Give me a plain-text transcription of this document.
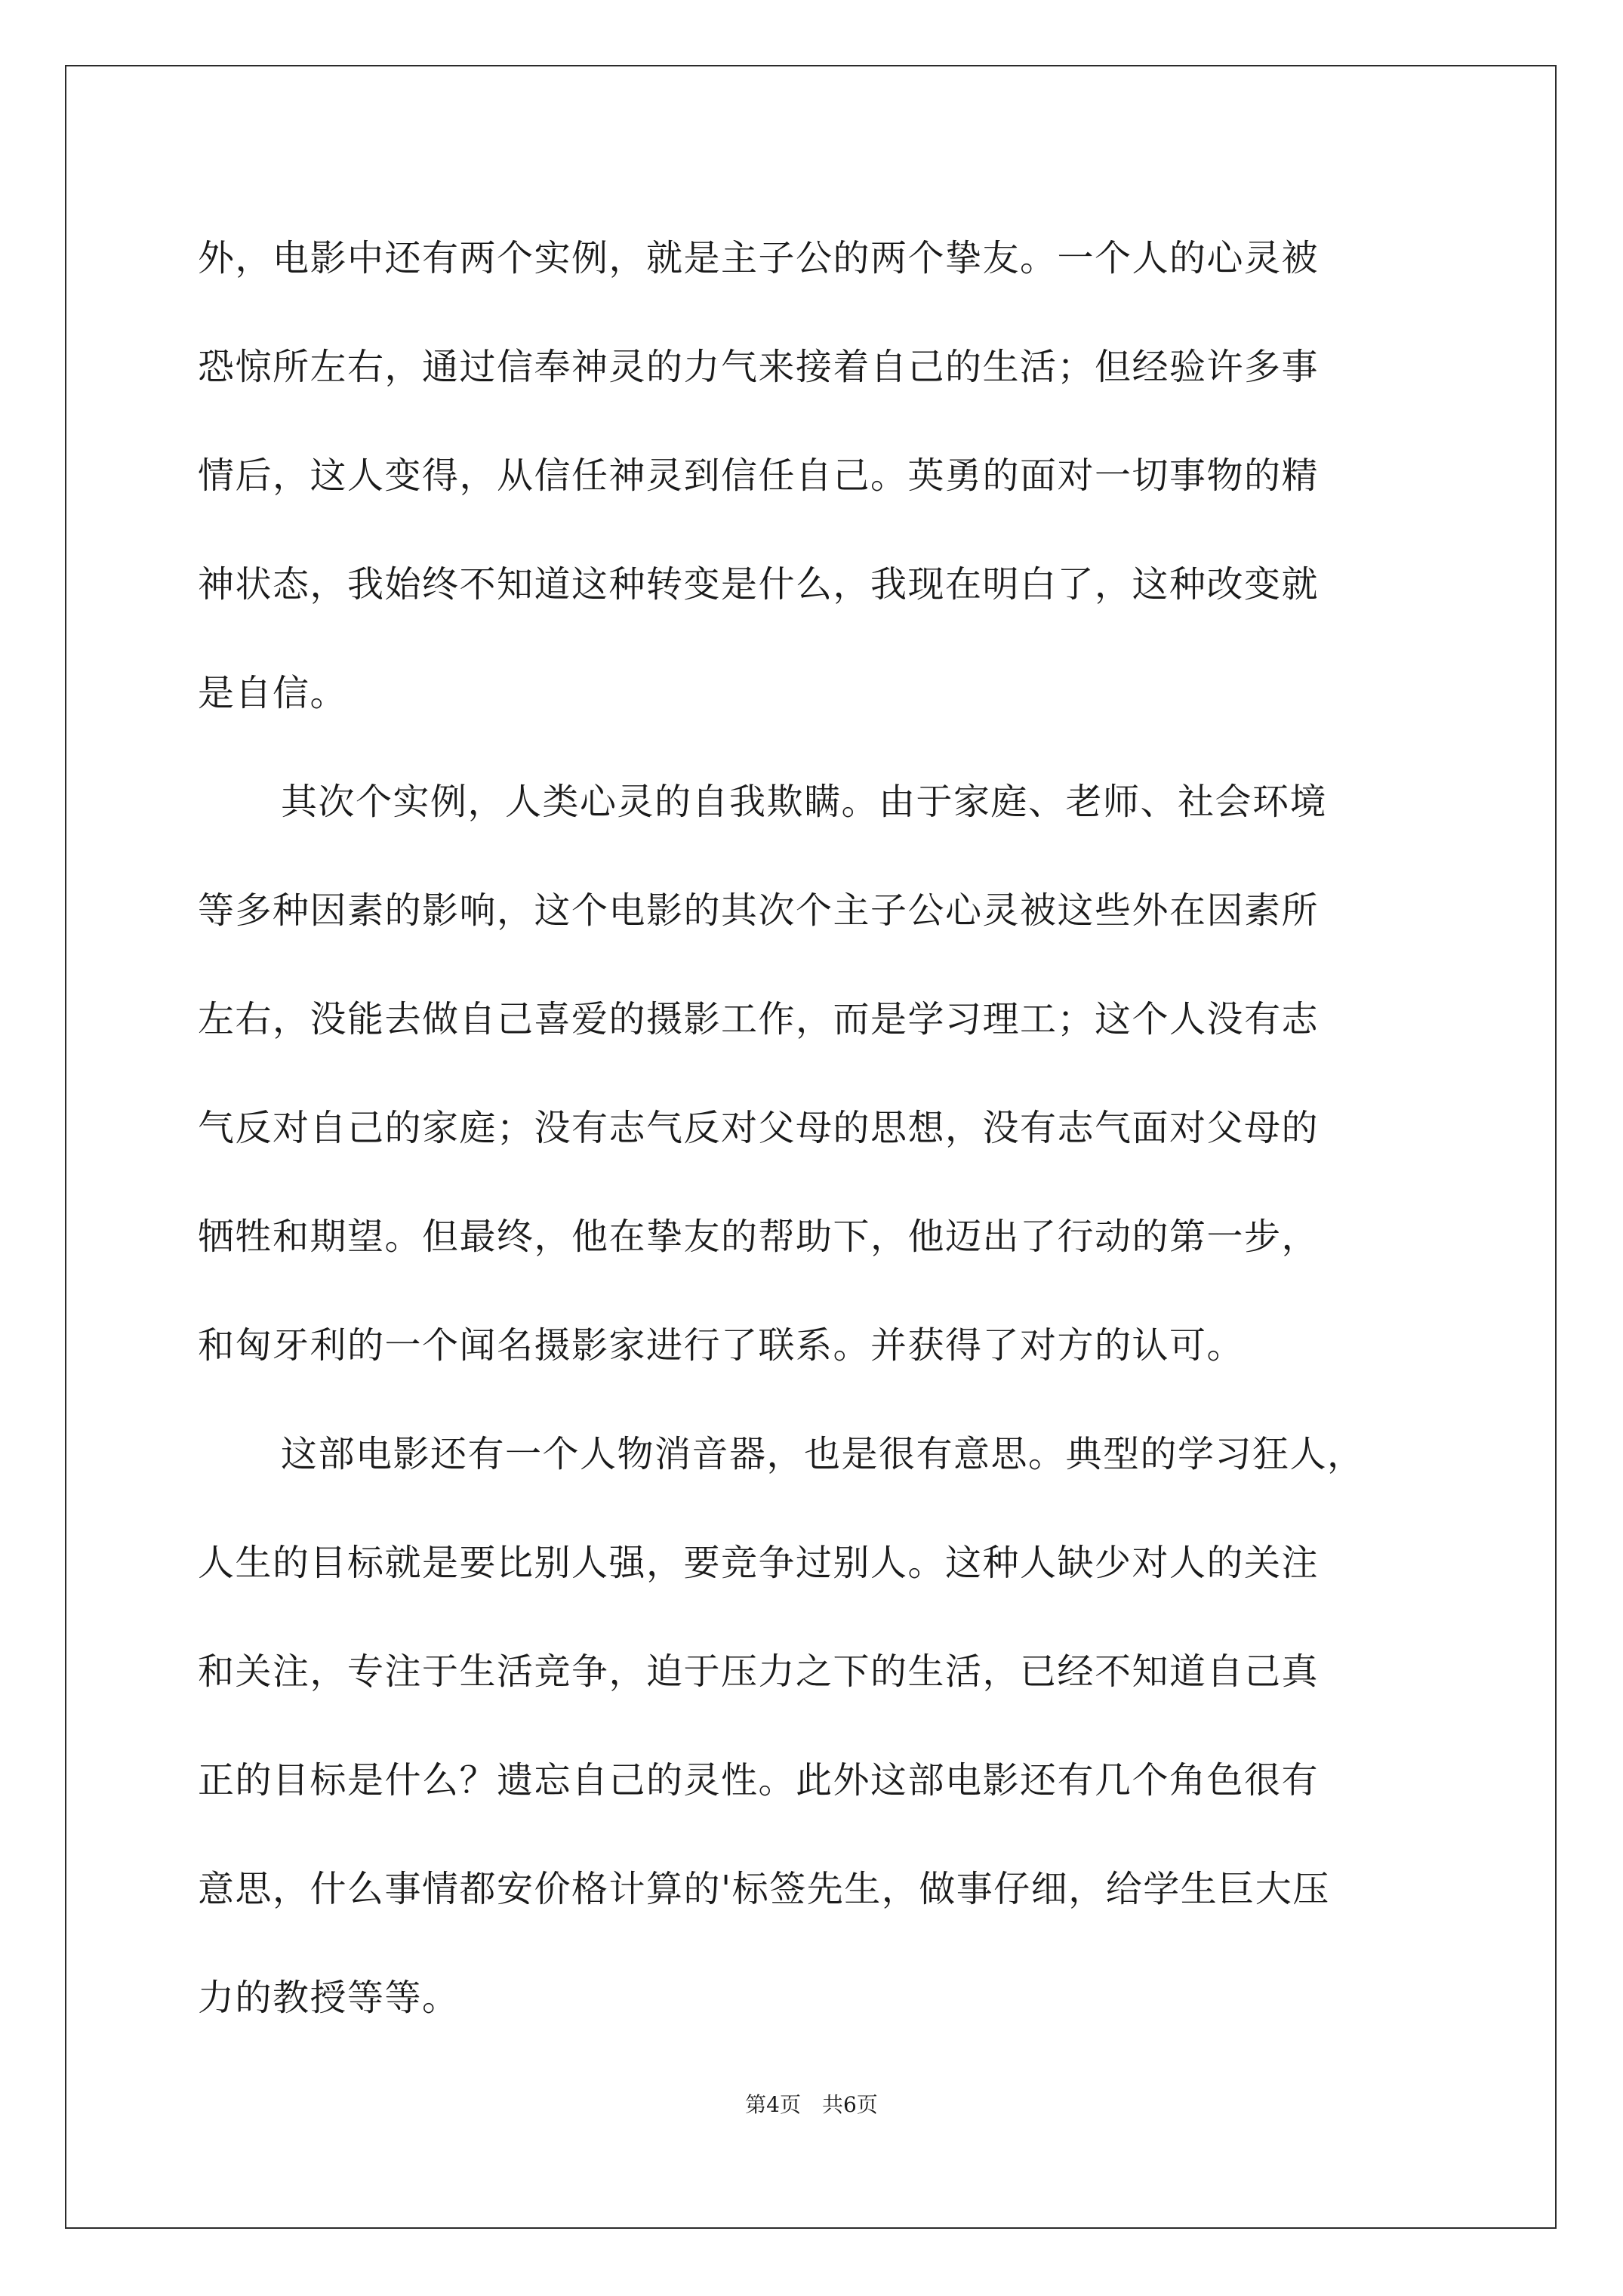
外，电影中还有两个实例，就是主子公的两个挚友。一个人的心灵被
恐惊所左右，通过信奉神灵的力气来接着自己的生活；但经验许多事
情后，这人变得，从信任神灵到信任自己。英勇的面对一切事物的精
神状态，我始终不知道这种转变是什么，我现在明白了，这种改变就
是自信。
其次个实例，人类心灵的自我欺瞒。由于家庭、老师、社会环境
等多种因素的影响，这个电影的其次个主子公心灵被这些外在因素所
左右，没能去做自己喜爱的摄影工作，而是学习理工；这个人没有志
气反对自己的家庭；没有志气反对父母的思想，没有志气面对父母的
牺牲和期望。但最终，他在挚友的帮助下，他迈出了行动的第一步，
和匈牙利的一个闻名摄影家进行了联系。并获得了对方的认可。
这部电影还有一个人物消音器，也是很有意思。典型的学习狂人，
人生的目标就是要比别人强，要竞争过别人。这种人缺少对人的关注
和关注，专注于生活竞争，迫于压力之下的生活，已经不知道自己真
正的目标是什么？遗忘自己的灵性。此外这部电影还有几个角色很有
意思，什么事情都安价格计算的'标签先生，做事仔细，给学生巨大压
力的教授等等。
第4页　共6页
